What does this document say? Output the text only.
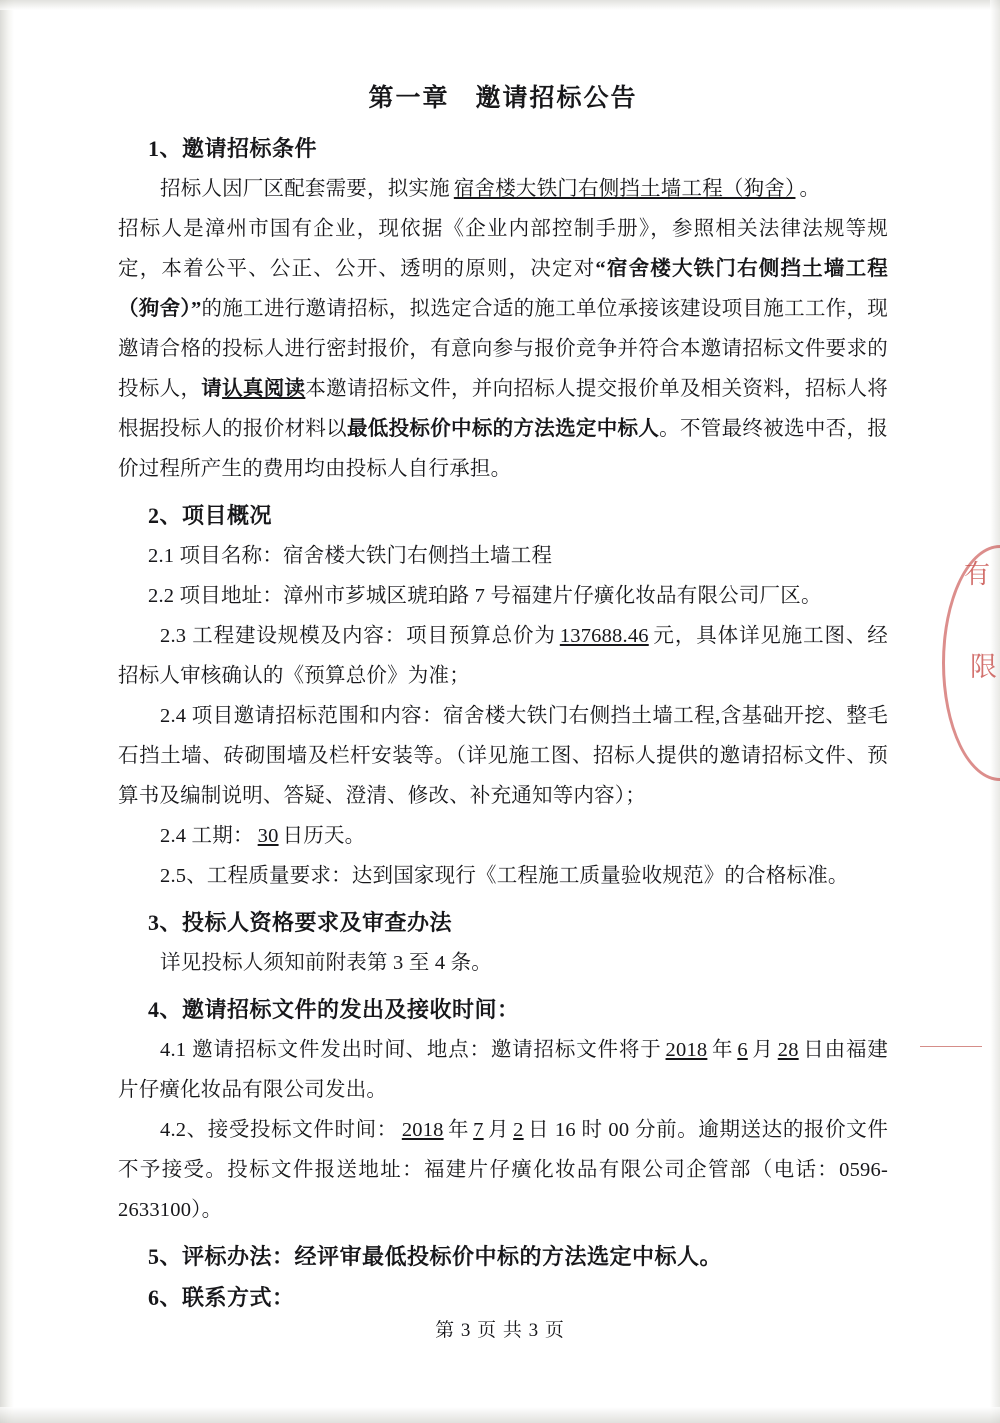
有
限
第一章 邀请招标公告
1、邀请招标条件

招标人因厂区配套需要，拟实施 宿舍楼大铁门右侧挡土墙工程（狗舍） 。

招标人是漳州市国有企业，现依据《企业内部控制手册》，参照相关法律法规等规定，本着公平、公正、公开、透明的原则，决定对“宿舍楼大铁门右侧挡土墙工程（狗舍）”的施工进行邀请招标，拟选定合适的施工单位承接该建设项目施工工作，现邀请合格的投标人进行密封报价，有意向参与报价竞争并符合本邀请招标文件要求的投标人，请认真阅读本邀请招标文件，并向招标人提交报价单及相关资料，招标人将根据投标人的报价材料以最低投标价中标的方法选定中标人。不管最终被选中否，报价过程所产生的费用均由投标人自行承担。

2、项目概况

2.1 项目名称：宿舍楼大铁门右侧挡土墙工程

2.2 项目地址：漳州市芗城区琥珀路 7 号福建片仔癀化妆品有限公司厂区。

2.3 工程建设规模及内容：项目预算总价为 137688.46 元，具体详见施工图、经招标人审核确认的《预算总价》为准；

2.4 项目邀请招标范围和内容：宿舍楼大铁门右侧挡土墙工程,含基础开挖、整毛石挡土墙、砖砌围墙及栏杆安装等。（详见施工图、招标人提供的邀请招标文件、预算书及编制说明、答疑、澄清、修改、补充通知等内容）；

2.4 工期： 30 日历天。

2.5、工程质量要求：达到国家现行《工程施工质量验收规范》的合格标准。

3、投标人资格要求及审查办法

详见投标人须知前附表第 3 至 4 条。

4、邀请招标文件的发出及接收时间：

4.1 邀请招标文件发出时间、地点：邀请招标文件将于 2018 年 6 月 28 日由福建片仔癀化妆品有限公司发出。

4.2、接受投标文件时间： 2018 年 7 月 2 日 16 时 00 分前。逾期送达的报价文件不予接受。投标文件报送地址：福建片仔癀化妆品有限公司企管部（电话：0596-2633100）。

5、评标办法：经评审最低投标价中标的方法选定中标人。
6、联系方式：
第 3 页 共 3 页
